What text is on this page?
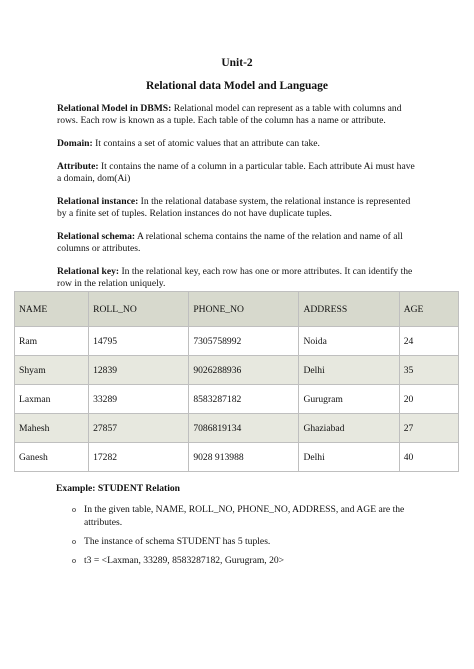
Unit-2
Relational data Model and Language

Relational Model in DBMS: Relational model can represent as a table with columns and rows. Each row is known as a tuple. Each table of the column has a name or attribute.

Domain: It contains a set of atomic values that an attribute can take.

Attribute: It contains the name of a column in a particular table. Each attribute Ai must have a domain, dom(Ai)

Relational instance: In the relational database system, the relational instance is represented by a finite set of tuples. Relation instances do not have duplicate tuples.

Relational schema: A relational schema contains the name of the relation and name of all columns or attributes.

Relational key: In the relational key, each row has one or more attributes. It can identify the row in the relation uniquely.

NAME	ROLL_NO	PHONE_NO	ADDRESS	AGE
Ram	14795	7305758992	Noida	24
Shyam	12839	9026288936	Delhi	35
Laxman	33289	8583287182	Gurugram	20
Mahesh	27857	7086819134	Ghaziabad	27
Ganesh	17282	9028 913988	Delhi	40
Example: STUDENT Relation
o In the given table, NAME, ROLL_NO, PHONE_NO, ADDRESS, and AGE are the attributes.
o The instance of schema STUDENT has 5 tuples.
o t3 = <Laxman, 33289, 8583287182, Gurugram, 20>
